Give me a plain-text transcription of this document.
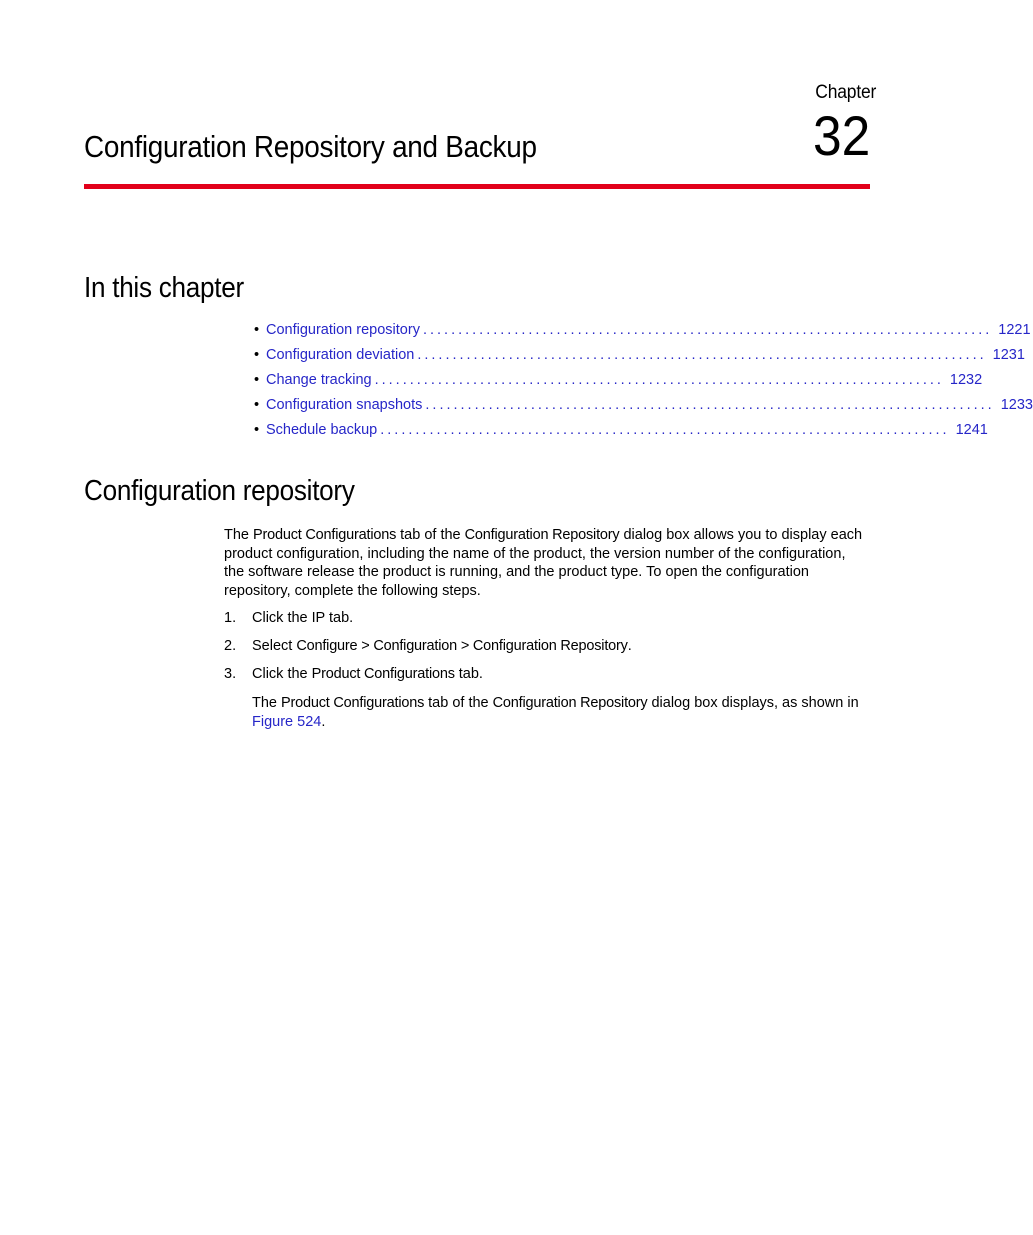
Chapter
32
Configuration Repository and Backup
In this chapter
• Configuration repository ................................................................................. 1221
• Configuration deviation ................................................................................. 1231
• Change tracking ................................................................................. 1232
• Configuration snapshots ................................................................................. 1233
• Schedule backup ................................................................................. 1241
Configuration repository

The Product Configurations tab of the Configuration Repository dialog box allows you to display each product configuration, including the name of the product, the version number of the configuration, the software release the product is running, and the product type. To open the configuration repository, complete the following steps.

1.	Click the IP tab.
2.	Select Configure > Configuration > Configuration Repository.
3.	Click the Product Configurations tab.

The Product Configurations tab of the Configuration Repository dialog box displays, as shown in Figure 524.
